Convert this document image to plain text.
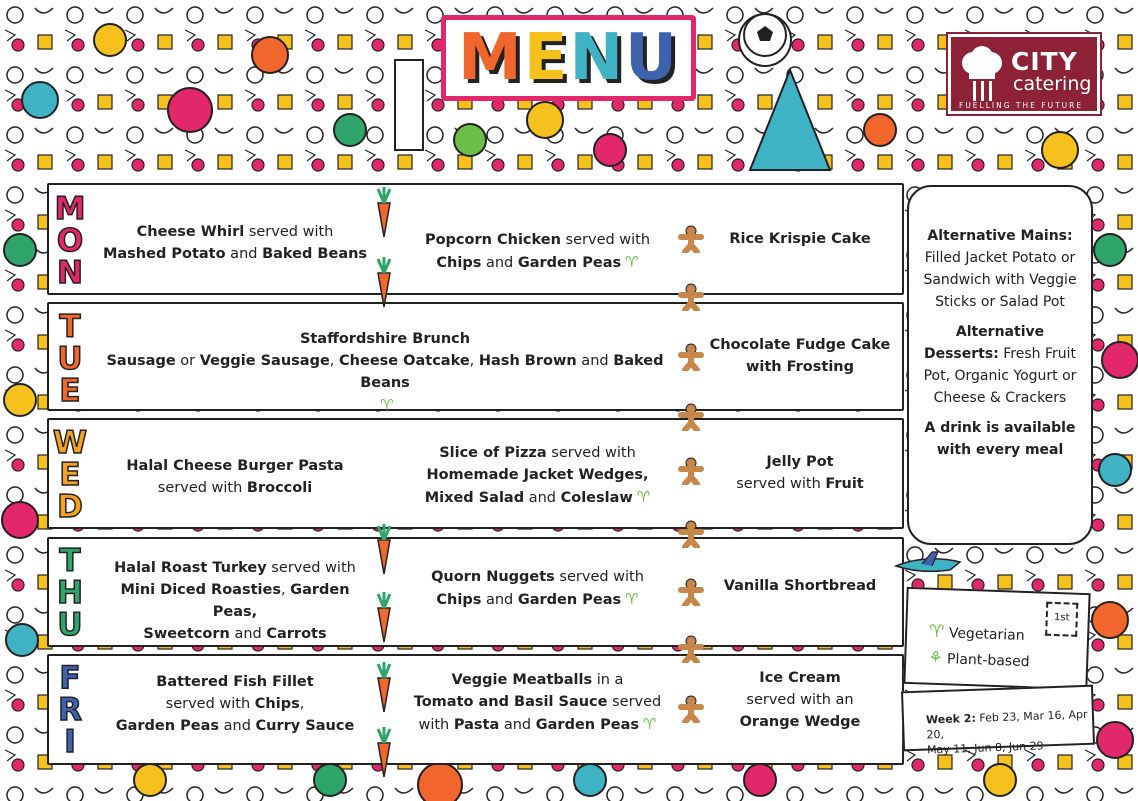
M E N U	CITY
catering
FUELLING THE FUTURE
M
O
N
T
U
E
W
E
D
T
H
U
F
R
I
Cheese Whirl served with
Mashed Potato and Baked Beans
Popcorn Chicken served with
Chips and Garden Peas ♈
Rice Krispie Cake
Staffordshire Brunch
Sausage or Veggie Sausage, Cheese Oatcake, Hash Brown and Baked Beans
♈
Chocolate Fudge Cake
with Frosting
Halal Cheese Burger Pasta
served with Broccoli
Slice of Pizza served with
Homemade Jacket Wedges,
Mixed Salad and Coleslaw ♈
Jelly Pot
served with Fruit
Halal Roast Turkey served with
Mini Diced Roasties, Garden Peas,
Sweetcorn and Carrots
Quorn Nuggets served with
Chips and Garden Peas ♈
Vanilla Shortbread
Battered Fish Fillet
served with Chips,
Garden Peas and Curry Sauce
Veggie Meatballs in a
Tomato and Basil Sauce served
with Pasta and Garden Peas ♈
Ice Cream
served with an
Orange Wedge

Alternative Mains:

Filled Jacket Potato or Sandwich with Veggie Sticks or Salad Pot

Alternative Desserts: Fresh Fruit Pot, Organic Yogurt or Cheese & Crackers

A drink is available with every meal

1st
♈ Vegetarian
⚘ Plant-based
Week 2: Feb 23, Mar 16, Apr 20,
May 11, Jun 8, Jun 29
